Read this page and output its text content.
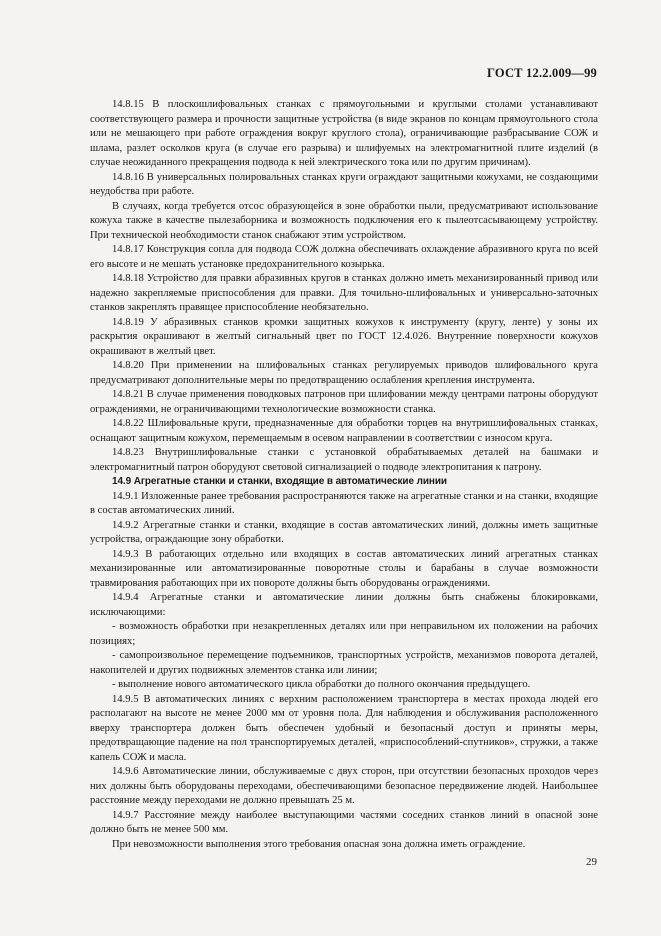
ГОСТ 12.2.009—99

14.8.15 В плоскошлифовальных станках с прямоугольными и круглыми столами устанавливают соответствующего размера и прочности защитные устройства (в виде экранов по концам прямоугольного стола или не мешающего при работе ограждения вокруг круглого стола), ограничивающие разбрасывание СОЖ и шлама, разлет осколков круга (в случае его разрыва) и шлифуемых на электромагнитной плите изделий (в случае неожиданного прекращения подвода к ней электрического тока или по другим причинам).

14.8.16 В универсальных полировальных станках круги ограждают защитными кожухами, не создающими неудобства при работе.

В случаях, когда требуется отсос образующейся в зоне обработки пыли, предусматривают использование кожуха также в качестве пылезаборника и возможность подключения его к пылеотсасывающему устройству. При технической необходимости станок снабжают этим устройством.

14.8.17 Конструкция сопла для подвода СОЖ должна обеспечивать охлаждение абразивного круга по всей его высоте и не мешать установке предохранительного козырька.

14.8.18 Устройство для правки абразивных кругов в станках должно иметь механизированный привод или надежно закрепляемые приспособления для правки. Для точильно-шлифовальных и универсально-заточных станков закреплять правящее приспособление необязательно.

14.8.19 У абразивных станков кромки защитных кожухов к инструменту (кругу, ленте) у зоны их раскрытия окрашивают в желтый сигнальный цвет по ГОСТ 12.4.026. Внутренние поверхности кожухов окрашивают в желтый цвет.

14.8.20 При применении на шлифовальных станках регулируемых приводов шлифовального круга предусматривают дополнительные меры по предотвращению ослабления крепления инструмента.

14.8.21 В случае применения поводковых патронов при шлифовании между центрами патроны оборудуют ограждениями, не ограничивающими технологические возможности станка.

14.8.22 Шлифовальные круги, предназначенные для обработки торцев на внутришлифовальных станках, оснащают защитным кожухом, перемещаемым в осевом направлении в соответствии с износом круга.

14.8.23 Внутришлифовальные станки с установкой обрабатываемых деталей на башмаки и электромагнитный патрон оборудуют световой сигнализацией о подводе электропитания к патрону.

14.9 Агрегатные станки и станки, входящие в автоматические линии

14.9.1 Изложенные ранее требования распространяются также на агрегатные станки и на станки, входящие в состав автоматических линий.

14.9.2 Агрегатные станки и станки, входящие в состав автоматических линий, должны иметь защитные устройства, ограждающие зону обработки.

14.9.3 В работающих отдельно или входящих в состав автоматических линий агрегатных станках механизированные или автоматизированные поворотные столы и барабаны в случае возможности травмирования работающих при их повороте должны быть оборудованы ограждениями.

14.9.4 Агрегатные станки и автоматические линии должны быть снабжены блокировками, исключающими:

- возможность обработки при незакрепленных деталях или при неправильном их положении на рабочих позициях;

- самопроизвольное перемещение подъемников, транспортных устройств, механизмов поворота деталей, накопителей и других подвижных элементов станка или линии;

- выполнение нового автоматического цикла обработки до полного окончания предыдущего.

14.9.5 В автоматических линиях с верхним расположением транспортера в местах прохода людей его располагают на высоте не менее 2000 мм от уровня пола. Для наблюдения и обслуживания расположенного вверху транспортера должен быть обеспечен удобный и безопасный доступ и приняты меры, предотвращающие падение на пол транспортируемых деталей, «приспособлений-спутников», стружки, а также капель СОЖ и масла.

14.9.6 Автоматические линии, обслуживаемые с двух сторон, при отсутствии безопасных проходов через них должны быть оборудованы переходами, обеспечивающими безопасное передвижение людей. Наибольшее расстояние между переходами не должно превышать 25 м.

14.9.7 Расстояние между наиболее выступающими частями соседних станков линий в опасной зоне должно быть не менее 500 мм.

При невозможности выполнения этого требования опасная зона должна иметь ограждение.

29
